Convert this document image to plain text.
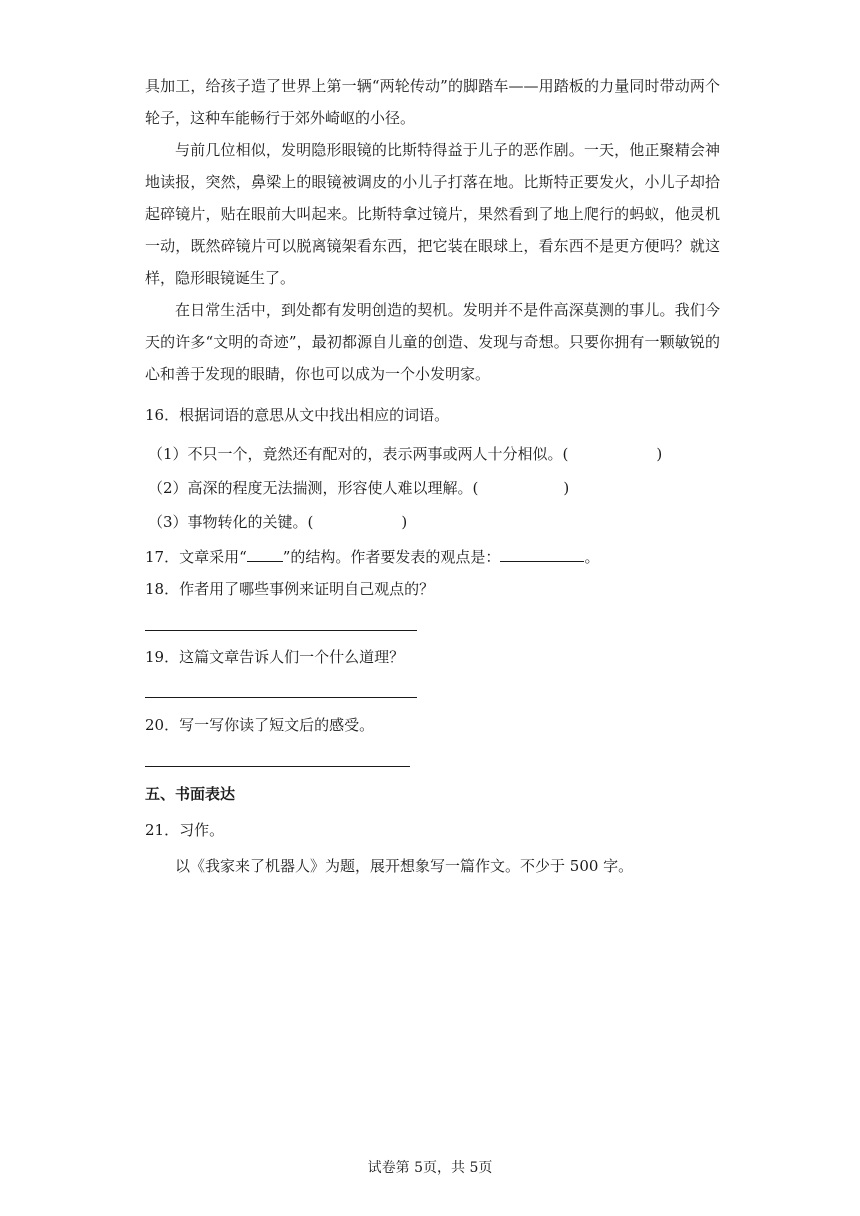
具加工，给孩子造了世界上第一辆“两轮传动”的脚踏车——用踏板的力量同时带动两个轮子，这种车能畅行于郊外崎岖的小径。

与前几位相似，发明隐形眼镜的比斯特得益于儿子的恶作剧。一天，他正聚精会神地读报，突然，鼻梁上的眼镜被调皮的小儿子打落在地。比斯特正要发火，小儿子却拾起碎镜片，贴在眼前大叫起来。比斯特拿过镜片，果然看到了地上爬行的蚂蚁，他灵机一动，既然碎镜片可以脱离镜架看东西，把它装在眼球上，看东西不是更方便吗？就这样，隐形眼镜诞生了。

在日常生活中，到处都有发明创造的契机。发明并不是件高深莫测的事儿。我们今天的许多“文明的奇迹”，最初都源自儿童的创造、发现与奇想。只要你拥有一颗敏锐的心和善于发现的眼睛，你也可以成为一个小发明家。

16．根据词语的意思从文中找出相应的词语。
（1）不只一个，竟然还有配对的，表示两事或两人十分相似。(	)
（2）高深的程度无法揣测，形容使人难以理解。(	)
（3）事物转化的关键。(	)
17．文章采用“ ”的结构。作者要发表的观点是：	。
18．作者用了哪些事例来证明自己观点的？
19．这篇文章告诉人们一个什么道理？
20．写一写你读了短文后的感受。
五、书面表达
21．习作。
以《我家来了机器人》为题，展开想象写一篇作文。不少于 500 字。
试卷第 5页，共 5页
